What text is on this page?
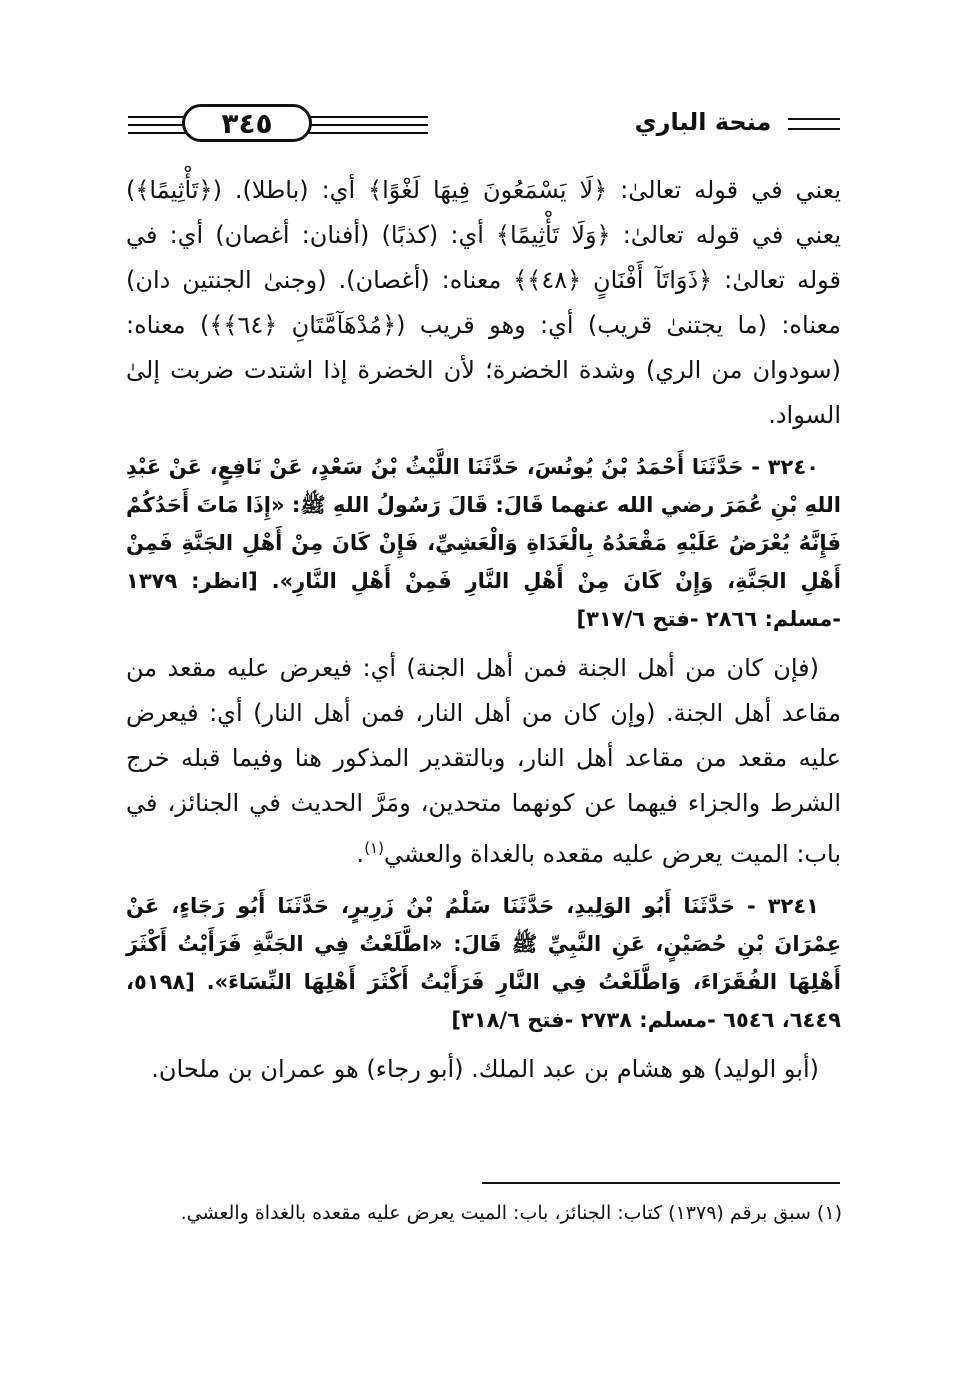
٣٤٥	منحة الباري

يعني في قوله تعالىٰ: ﴿لَا يَسْمَعُونَ فِيهَا لَغْوًا﴾ أي: (باطلا). (﴿تَأْثِيمًا﴾) يعني في قوله تعالىٰ: ﴿وَلَا تَأْثِيمًا﴾ أي: (كذبًا) (أفنان: أغصان) أي: في قوله تعالىٰ: ﴿ذَوَاتَآ أَفْنَانٍ ﴿٤٨﴾﴾ معناه: (أغصان). (وجنىٰ الجنتين دان) معناه: (ما يجتنىٰ قريب) أي: وهو قريب (﴿مُدْهَآمَّتَانِ ﴿٦٤﴾﴾) معناه: (سودوان من الري) وشدة الخضرة؛ لأن الخضرة إذا اشتدت ضربت إلىٰ السواد.

٣٢٤٠ - حَدَّثَنَا أَحْمَدُ بْنُ يُونُسَ، حَدَّثَنَا اللَّيْثُ بْنُ سَعْدٍ، عَنْ نَافِعٍ، عَنْ عَبْدِ اللهِ بْنِ عُمَرَ رضي الله عنهما قَالَ: قَالَ رَسُولُ اللهِ ﷺ: «إِذَا مَاتَ أَحَدُكُمْ فَإِنَّهُ يُعْرَضُ عَلَيْهِ مَقْعَدُهُ بِالْغَدَاةِ وَالْعَشِيِّ، فَإِنْ كَانَ مِنْ أَهْلِ الجَنَّةِ فَمِنْ أَهْلِ الجَنَّةِ، وَإِنْ كَانَ مِنْ أَهْلِ النَّارِ فَمِنْ أَهْلِ النَّارِ». [انظر: ١٣٧٩ -مسلم: ٢٨٦٦ -فتح ٣١٧/٦]

(فإن كان من أهل الجنة فمن أهل الجنة) أي: فيعرض عليه مقعد من مقاعد أهل الجنة. (وإن كان من أهل النار، فمن أهل النار) أي: فيعرض عليه مقعد من مقاعد أهل النار، وبالتقدير المذكور هنا وفيما قبله خرج الشرط والجزاء فيهما عن كونهما متحدين، ومَرَّ الحديث في الجنائز، في باب: الميت يعرض عليه مقعده بالغداة والعشي$^{(١)}$.

٣٢٤١ - حَدَّثَنَا أَبُو الوَلِيدِ، حَدَّثَنَا سَلْمُ بْنُ زَرِيرٍ، حَدَّثَنَا أَبُو رَجَاءٍ، عَنْ عِمْرَانَ بْنِ حُصَيْنٍ، عَنِ النَّبِيِّ ﷺ قَالَ: «اطَّلَعْتُ فِي الجَنَّةِ فَرَأَيْتُ أَكْثَرَ أَهْلِهَا الفُقَرَاءَ، وَاطَّلَعْتُ فِي النَّارِ فَرَأَيْتُ أَكْثَرَ أَهْلِهَا النِّسَاءَ». [٥١٩٨، ٦٤٤٩، ٦٥٤٦ -مسلم: ٢٧٣٨ -فتح ٣١٨/٦]

(أبو الوليد) هو هشام بن عبد الملك. (أبو رجاء) هو عمران بن ملحان.

(١) سبق برقم (١٣٧٩) كتاب: الجنائز، باب: الميت يعرض عليه مقعده بالغداة والعشي.
